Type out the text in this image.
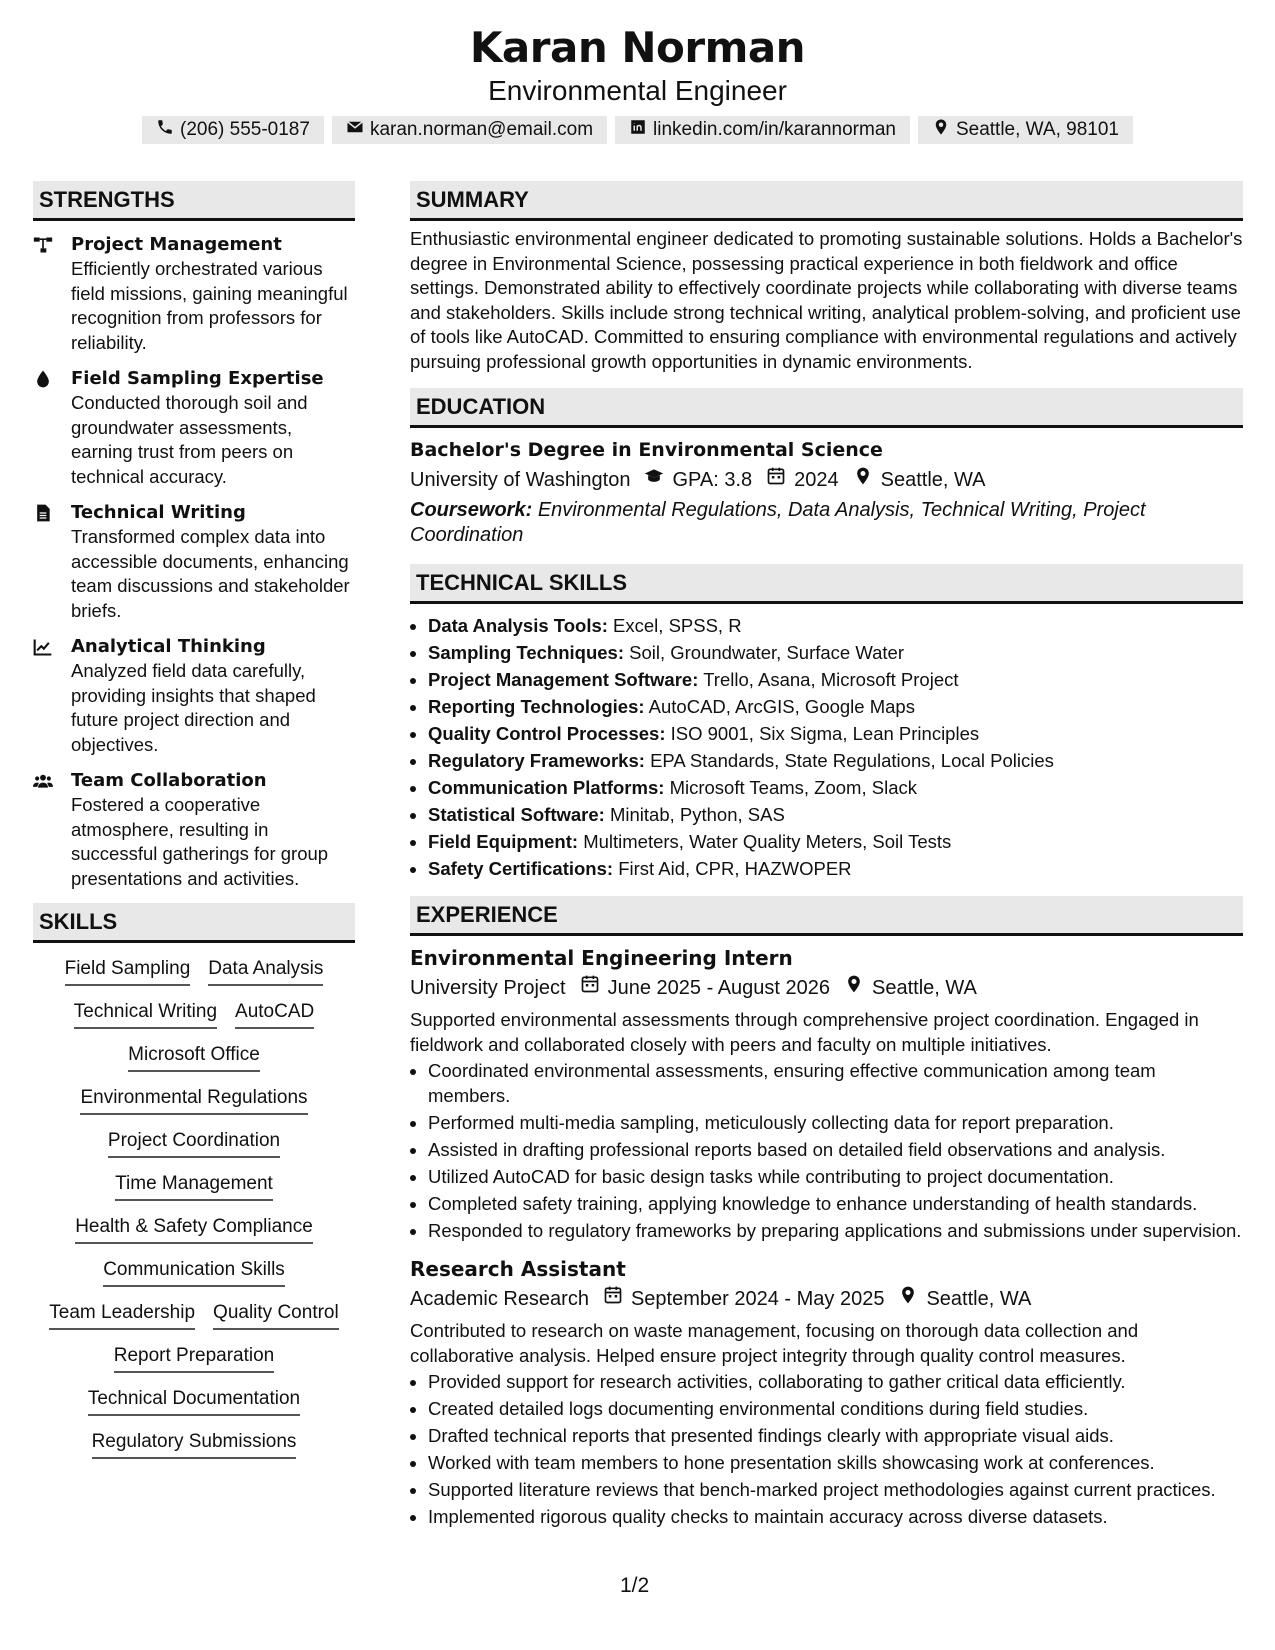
Karan Norman
Environmental Engineer
(206) 555-0187	karan.norman@email.com	linkedin.com/in/karannorman	Seattle, WA, 98101
STRENGTHS
Project Management
Efficiently orchestrated various field missions, gaining meaningful recognition from professors for reliability.
Field Sampling Expertise
Conducted thorough soil and groundwater assessments, earning trust from peers on technical accuracy.
Technical Writing
Transformed complex data into accessible documents, enhancing team discussions and stakeholder briefs.
Analytical Thinking
Analyzed field data carefully, providing insights that shaped future project direction and objectives.
Team Collaboration
Fostered a cooperative atmosphere, resulting in successful gatherings for group presentations and activities.
SKILLS
Field Sampling Data Analysis
Technical Writing AutoCAD
Microsoft Office
Environmental Regulations
Project Coordination
Time Management
Health & Safety Compliance
Communication Skills
Team Leadership Quality Control
Report Preparation
Technical Documentation
Regulatory Submissions
SUMMARY
Enthusiastic environmental engineer dedicated to promoting sustainable solutions. Holds a Bachelor's degree in Environmental Science, possessing practical experience in both fieldwork and office settings. Demonstrated ability to effectively coordinate projects while collaborating with diverse teams and stakeholders. Skills include strong technical writing, analytical problem-solving, and proficient use of tools like AutoCAD. Committed to ensuring compliance with environmental regulations and actively pursuing professional growth opportunities in dynamic environments.
EDUCATION
Bachelor's Degree in Environmental Science
University of Washington GPA: 3.8 2024 Seattle, WA
Coursework: Environmental Regulations, Data Analysis, Technical Writing, Project Coordination
TECHNICAL SKILLS
• Data Analysis Tools: Excel, SPSS, R
• Sampling Techniques: Soil, Groundwater, Surface Water
• Project Management Software: Trello, Asana, Microsoft Project
• Reporting Technologies: AutoCAD, ArcGIS, Google Maps
• Quality Control Processes: ISO 9001, Six Sigma, Lean Principles
• Regulatory Frameworks: EPA Standards, State Regulations, Local Policies
• Communication Platforms: Microsoft Teams, Zoom, Slack
• Statistical Software: Minitab, Python, SAS
• Field Equipment: Multimeters, Water Quality Meters, Soil Tests
• Safety Certifications: First Aid, CPR, HAZWOPER
EXPERIENCE
Environmental Engineering Intern
University Project June 2025 - August 2026 Seattle, WA
Supported environmental assessments through comprehensive project coordination. Engaged in fieldwork and collaborated closely with peers and faculty on multiple initiatives.
• Coordinated environmental assessments, ensuring effective communication among team members.
• Performed multi-media sampling, meticulously collecting data for report preparation.
• Assisted in drafting professional reports based on detailed field observations and analysis.
• Utilized AutoCAD for basic design tasks while contributing to project documentation.
• Completed safety training, applying knowledge to enhance understanding of health standards.
• Responded to regulatory frameworks by preparing applications and submissions under supervision.
Research Assistant
Academic Research September 2024 - May 2025 Seattle, WA
Contributed to research on waste management, focusing on thorough data collection and collaborative analysis. Helped ensure project integrity through quality control measures.
• Provided support for research activities, collaborating to gather critical data efficiently.
• Created detailed logs documenting environmental conditions during field studies.
• Drafted technical reports that presented findings clearly with appropriate visual aids.
• Worked with team members to hone presentation skills showcasing work at conferences.
• Supported literature reviews that bench-marked project methodologies against current practices.
• Implemented rigorous quality checks to maintain accuracy across diverse datasets.
1/2
